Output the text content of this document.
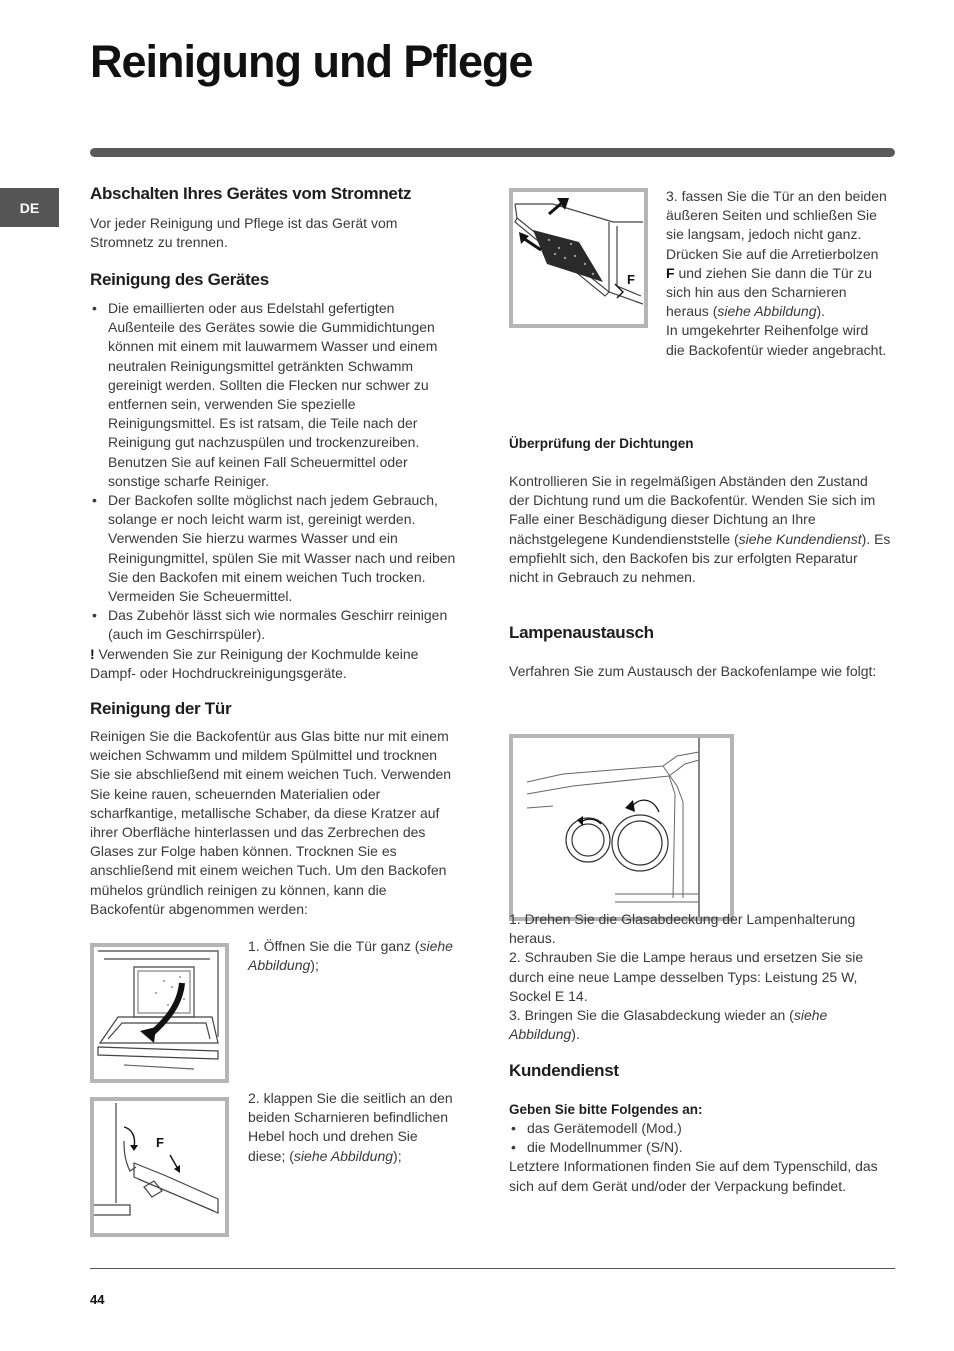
Reinigung und Pflege
DE
Abschalten Ihres Gerätes vom Stromnetz

Vor jeder Reinigung und Pflege ist das Gerät vom Stromnetz zu trennen.

Reinigung des Gerätes
• Die emaillierten oder aus Edelstahl gefertigten Außenteile des Gerätes sowie die Gummidichtungen können mit einem mit lauwarmem Wasser und einem neutralen Reinigungsmittel getränkten Schwamm gereinigt werden. Sollten die Flecken nur schwer zu entfernen sein, verwenden Sie spezielle Reinigungsmittel. Es ist ratsam, die Teile nach der Reinigung gut nachzuspülen und trockenzureiben. Benutzen Sie auf keinen Fall Scheuermittel oder sonstige scharfe Reiniger.
• Der Backofen sollte möglichst nach jedem Gebrauch, solange er noch leicht warm ist, gereinigt werden. Verwenden Sie hierzu warmes Wasser und ein Reinigungmittel, spülen Sie mit Wasser nach und reiben Sie den Backofen mit einem weichen Tuch trocken. Vermeiden Sie Scheuermittel.
• Das Zubehör lässt sich wie normales Geschirr reinigen (auch im Geschirrspüler).

! Verwenden Sie zur Reinigung der Kochmulde keine Dampf- oder Hochdruckreinigungsgeräte.

Reinigung der Tür

Reinigen Sie die Backofentür aus Glas bitte nur mit einem weichen Schwamm und mildem Spülmittel und trocknen Sie sie abschließend mit einem weichen Tuch. Verwenden Sie keine rauen, scheuernden Materialien oder scharfkantige, metallische Schaber, da diese Kratzer auf ihrer Oberfläche hinterlassen und das Zerbrechen des Glases zur Folge haben können. Trocknen Sie es anschließend mit einem weichen Tuch. Um den Backofen mühelos gründlich reinigen zu können, kann die Backofentür abgenommen werden:

1. Öffnen Sie die Tür ganz (siehe Abbildung);

F

2. klappen Sie die seitlich an den beiden Scharnieren befindlichen Hebel hoch und drehen Sie diese; (siehe Abbildung);

F

3. fassen Sie die Tür an den beiden äußeren Seiten und schließen Sie sie langsam, jedoch nicht ganz. Drücken Sie auf die Arretierbolzen F und ziehen Sie dann die Tür zu sich hin aus den Scharnieren heraus (siehe Abbildung).

In umgekehrter Reihenfolge wird die Backofentür wieder angebracht.

Überprüfung der Dichtungen

Kontrollieren Sie in regelmäßigen Abständen den Zustand der Dichtung rund um die Backofentür. Wenden Sie sich im Falle einer Beschädigung dieser Dichtung an Ihre nächstgelegene Kundendienststelle (siehe Kundendienst). Es empfiehlt sich, den Backofen bis zur erfolgten Reparatur nicht in Gebrauch zu nehmen.

Lampenaustausch

Verfahren Sie zum Austausch der Backofenlampe wie folgt:

1. Drehen Sie die Glasabdeckung der Lampenhalterung heraus.

2. Schrauben Sie die Lampe heraus und ersetzen Sie sie durch eine neue Lampe desselben Typs: Leistung 25 W, Sockel E 14.

3. Bringen Sie die Glasabdeckung wieder an (siehe Abbildung).

Kundendienst
Geben Sie bitte Folgendes an:
• das Gerätemodell (Mod.)
• die Modellnummer (S/N).

Letztere Informationen finden Sie auf dem Typenschild, das sich auf dem Gerät und/oder der Verpackung befindet.

44
